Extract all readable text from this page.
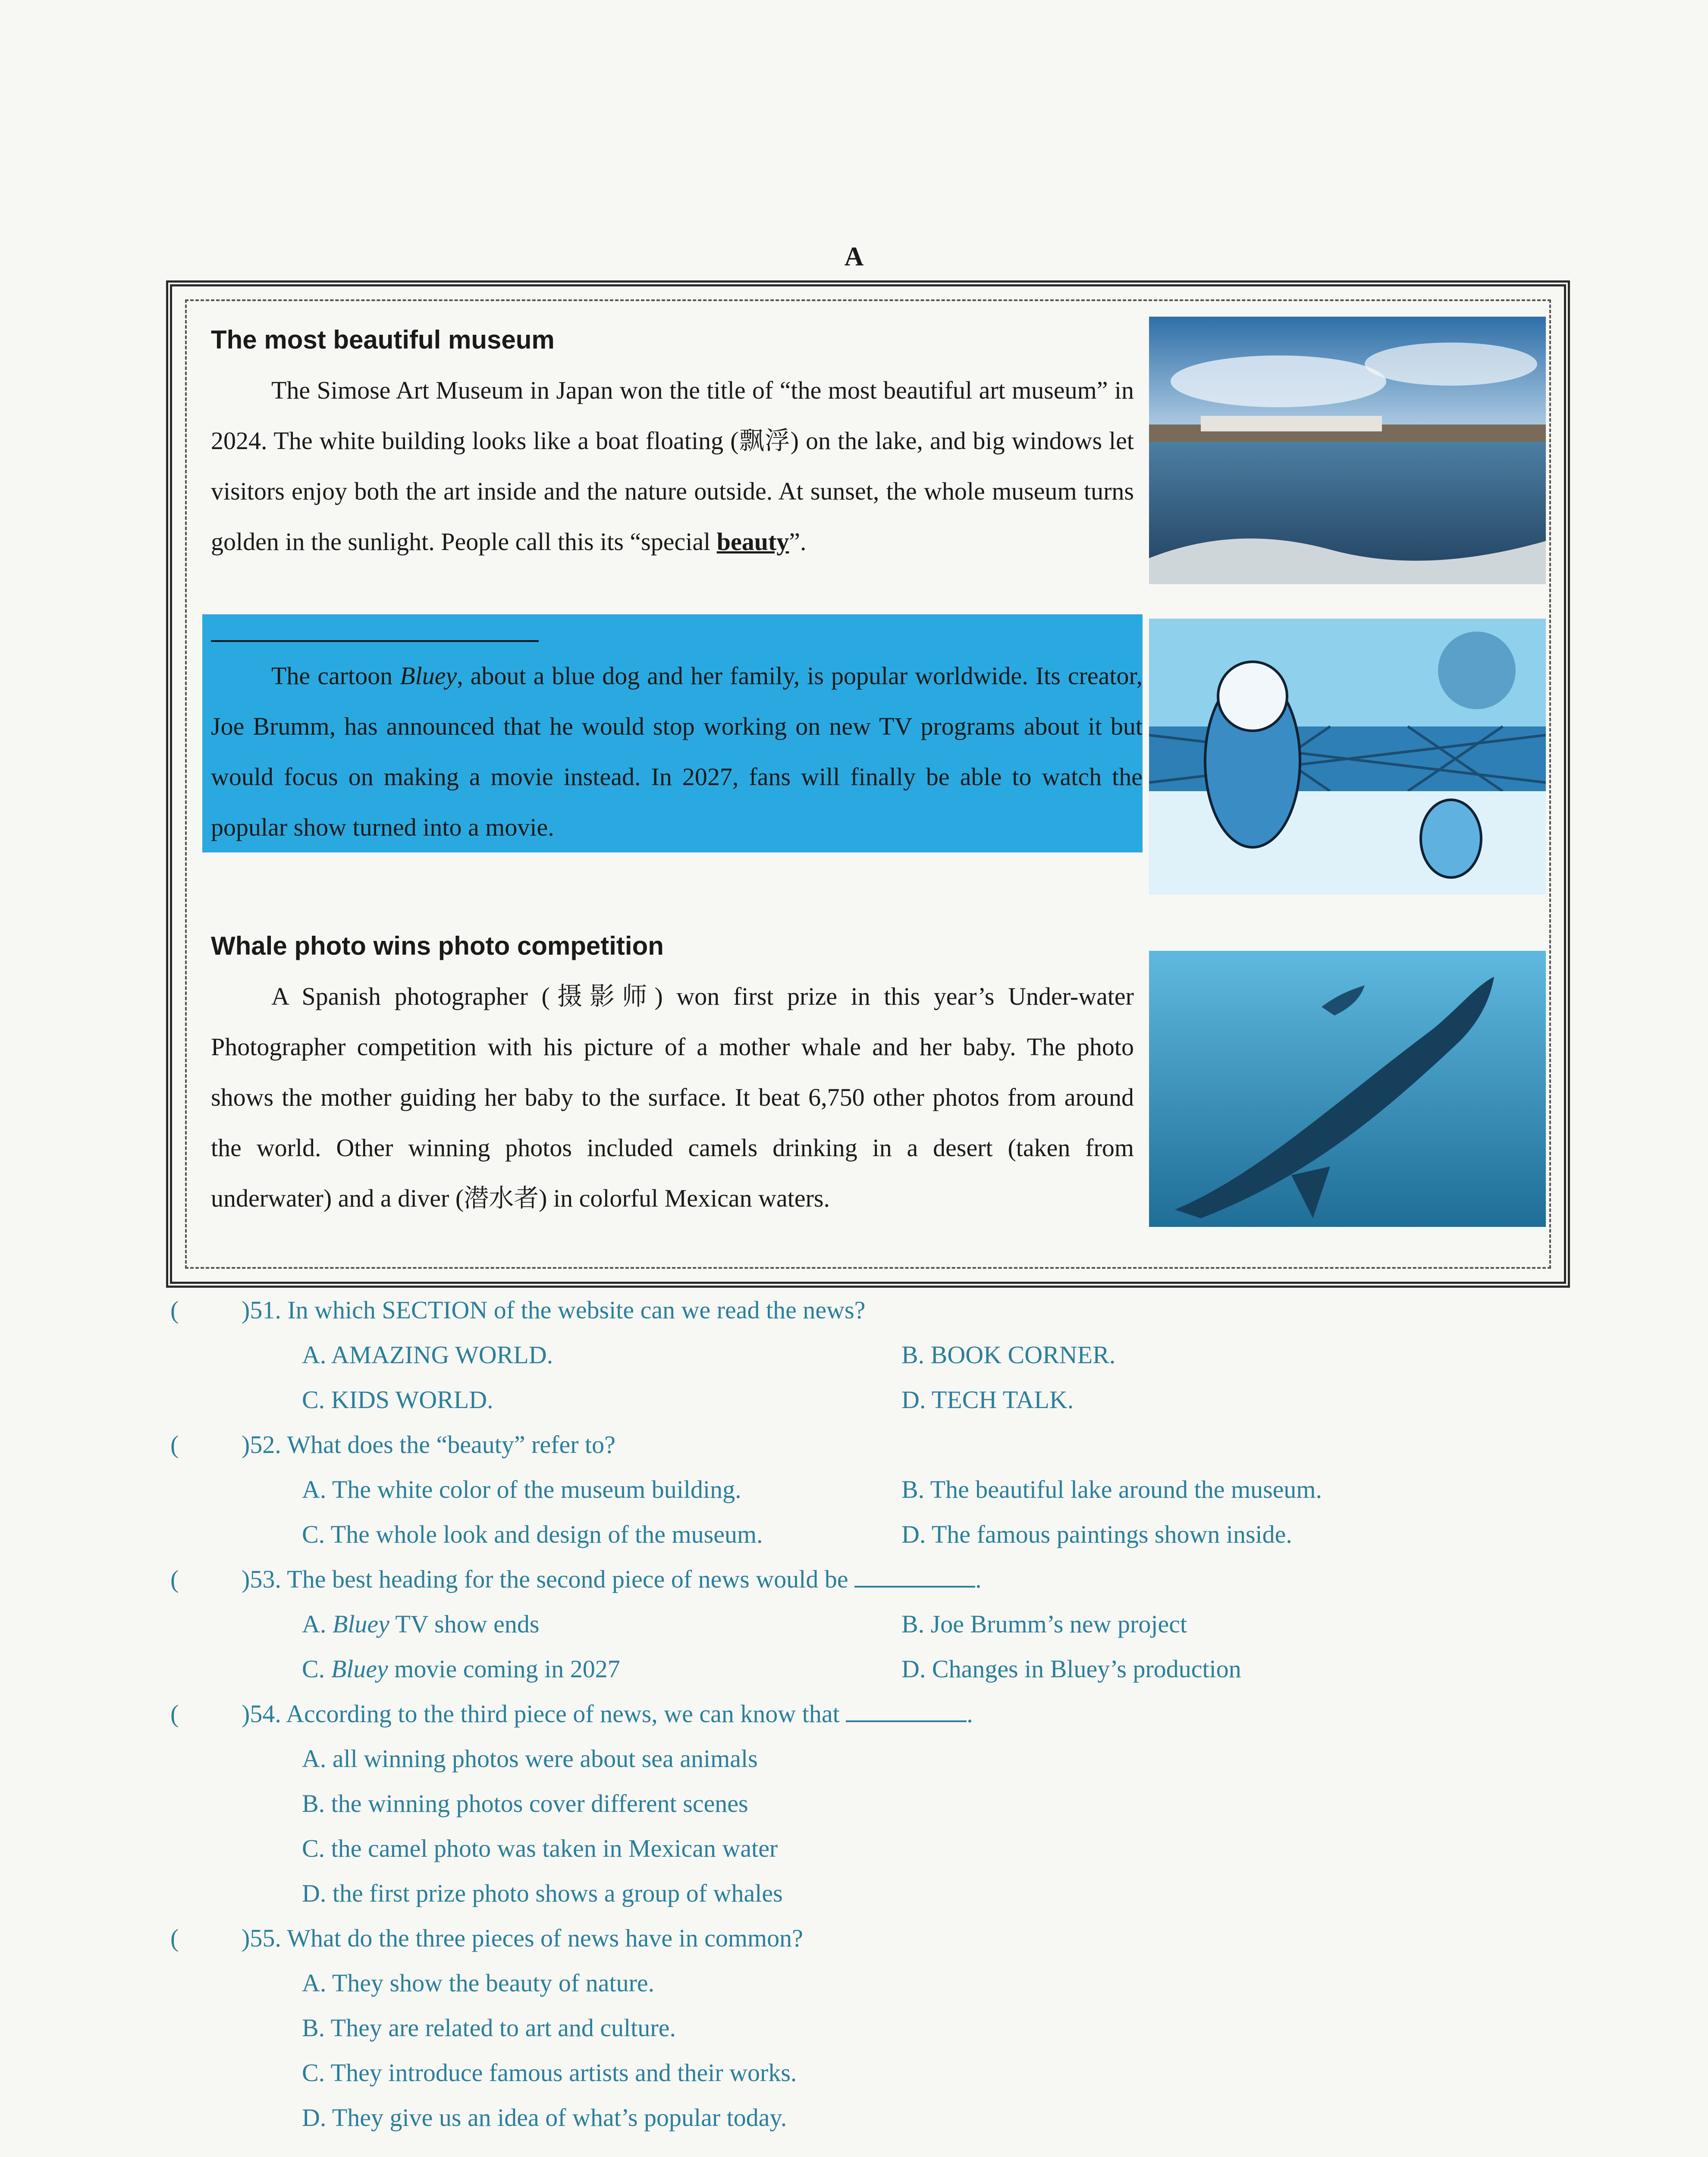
A
The most beautiful museum

The Simose Art Museum in Japan won the title of “the most beautiful art museum” in 2024. The white building looks like a boat floating (飘浮) on the lake, and big windows let visitors enjoy both the art inside and the nature outside. At sunset, the whole museum turns golden in the sunlight. People call this its “special beauty”.

The cartoon Bluey, about a blue dog and her family, is popular worldwide. Its creator, Joe Brumm, has announced that he would stop working on new TV programs about it but would focus on making a movie instead. In 2027, fans will finally be able to watch the popular show turned into a movie.

Whale photo wins photo competition

A Spanish photographer (摄影师) won first prize in this year’s Under-water Photographer competition with his picture of a mother whale and her baby. The photo shows the mother guiding her baby to the surface. It beat 6,750 other photos from around the world. Other winning photos included camels drinking in a desert (taken from underwater) and a diver (潜水者) in colorful Mexican waters.

(	)51. In which SECTION of the website can we read the news?
A. AMAZING WORLD.	B. BOOK CORNER.
C. KIDS WORLD.	D. TECH TALK.
(	)52. What does the “beauty” refer to?
A. The white color of the museum building.	B. The beautiful lake around the museum.
C. The whole look and design of the museum.	D. The famous paintings shown inside.
(	)53. The best heading for the second piece of news would be	.
A. Bluey TV show ends	B. Joe Brumm’s new project
C. Bluey movie coming in 2027	D. Changes in Bluey’s production
(	)54. According to the third piece of news, we can know that	.
A. all winning photos were about sea animals
B. the winning photos cover different scenes
C. the camel photo was taken in Mexican water
D. the first prize photo shows a group of whales
(	)55. What do the three pieces of news have in common?
A. They show the beauty of nature.
B. They are related to art and culture.
C. They introduce famous artists and their works.
D. They give us an idea of what’s popular today.
